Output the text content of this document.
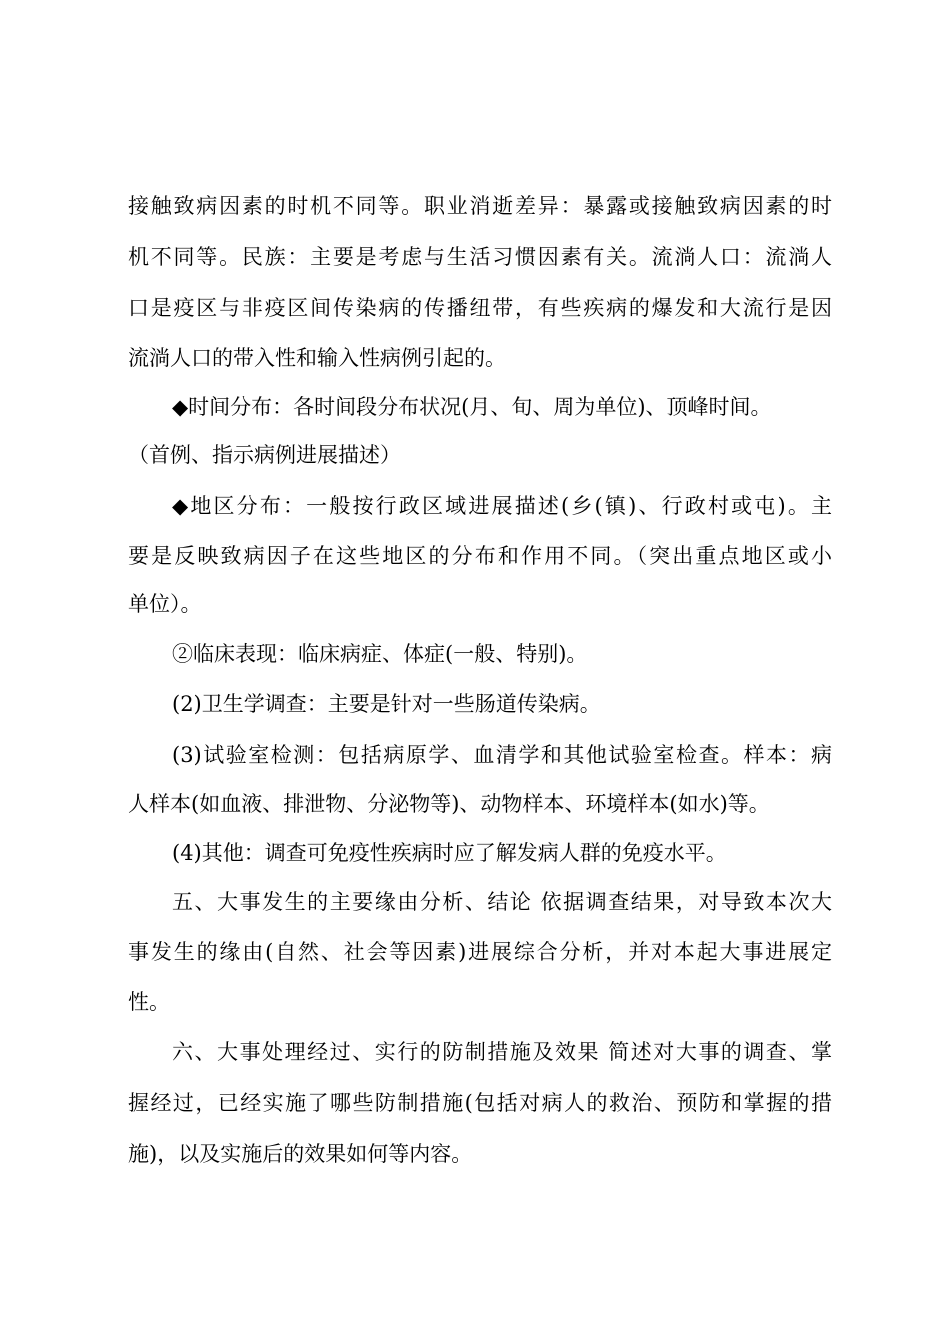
接触致病因素的时机不同等。职业消逝差异：暴露或接触致病因素的时
机不同等。民族：主要是考虑与生活习惯因素有关。流淌人口：流淌人
口是疫区与非疫区间传染病的传播纽带，有些疾病的爆发和大流行是因
流淌人口的带入性和输入性病例引起的。
◆时间分布：各时间段分布状况(月、旬、周为单位)、顶峰时间。
（首例、指示病例进展描述）
◆地区分布：一般按行政区域进展描述(乡(镇)、行政村或屯)。主
要是反映致病因子在这些地区的分布和作用不同。（突出重点地区或小
单位）。
②临床表现：临床病症、体症(一般、特别)。
(2)卫生学调查：主要是针对一些肠道传染病。
(3)试验室检测：包括病原学、血清学和其他试验室检查。样本：病
人样本(如血液、排泄物、分泌物等)、动物样本、环境样本(如水)等。
(4)其他：调查可免疫性疾病时应了解发病人群的免疫水平。
五、大事发生的主要缘由分析、结论 依据调查结果，对导致本次大
事发生的缘由(自然、社会等因素)进展综合分析，并对本起大事进展定
性。
六、大事处理经过、实行的防制措施及效果 简述对大事的调查、掌
握经过，已经实施了哪些防制措施(包括对病人的救治、预防和掌握的措
施)，以及实施后的效果如何等内容。
